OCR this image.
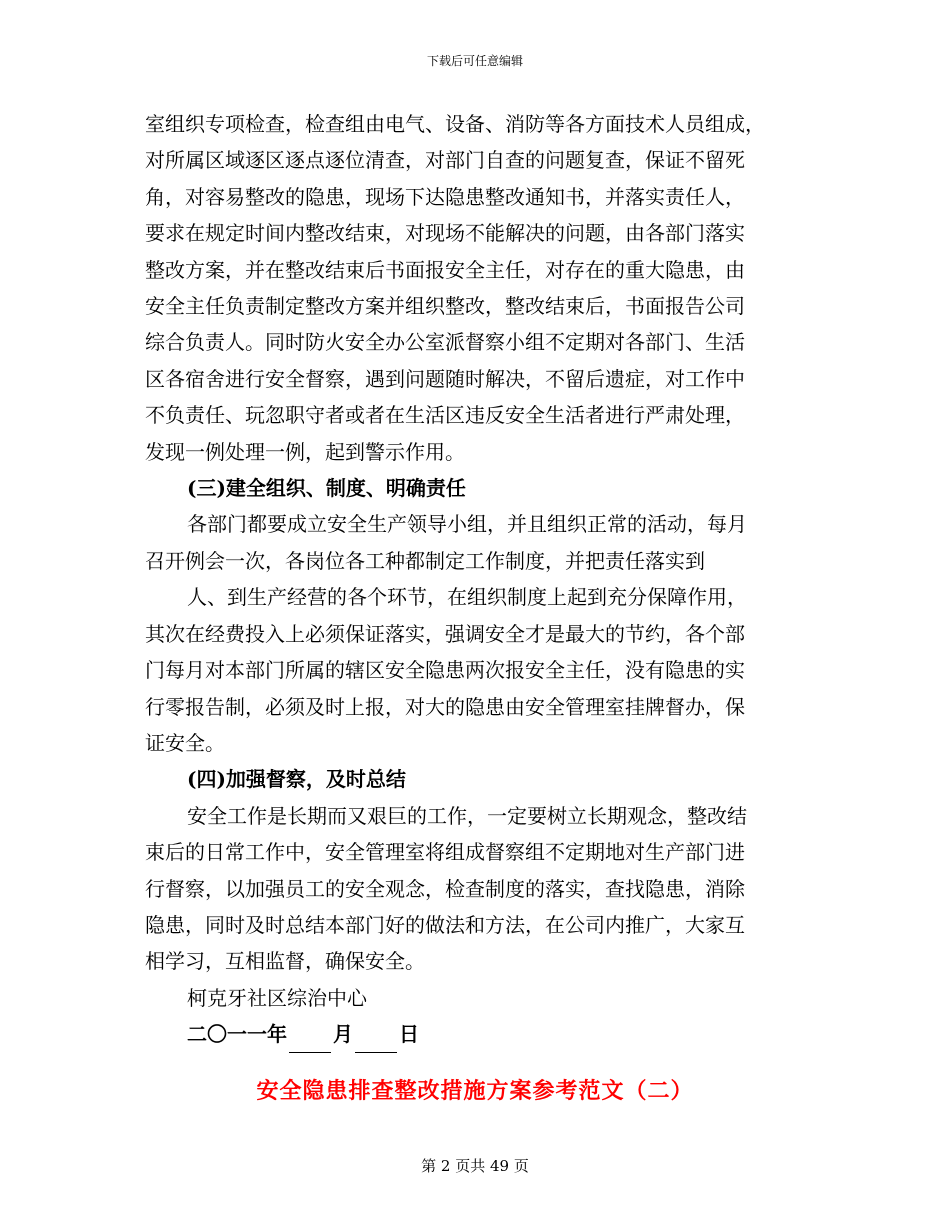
下载后可任意编辑
室组织专项检查，检查组由电气、设备、消防等各方面技术人员组成，
对所属区域逐区逐点逐位清查，对部门自查的问题复查，保证不留死
角，对容易整改的隐患，现场下达隐患整改通知书，并落实责任人，
要求在规定时间内整改结束，对现场不能解决的问题，由各部门落实
整改方案，并在整改结束后书面报安全主任，对存在的重大隐患，由
安全主任负责制定整改方案并组织整改，整改结束后，书面报告公司
综合负责人。同时防火安全办公室派督察小组不定期对各部门、生活
区各宿舍进行安全督察，遇到问题随时解决，不留后遗症，对工作中
不负责任、玩忽职守者或者在生活区违反安全生活者进行严肃处理，
发现一例处理一例，起到警示作用。
(三)建全组织、制度、明确责任
各部门都要成立安全生产领导小组，并且组织正常的活动，每月
召开例会一次，各岗位各工种都制定工作制度，并把责任落实到
人、到生产经营的各个环节，在组织制度上起到充分保障作用，
其次在经费投入上必须保证落实，强调安全才是最大的节约，各个部
门每月对本部门所属的辖区安全隐患两次报安全主任，没有隐患的实
行零报告制，必须及时上报，对大的隐患由安全管理室挂牌督办，保
证安全。
(四)加强督察，及时总结
安全工作是长期而又艰巨的工作，一定要树立长期观念，整改结
束后的日常工作中，安全管理室将组成督察组不定期地对生产部门进
行督察，以加强员工的安全观念，检查制度的落实，查找隐患，消除
隐患，同时及时总结本部门好的做法和方法，在公司内推广，大家互
相学习，互相监督，确保安全。
柯克牙社区综治中心
二〇一一年 月 日
安全隐患排查整改措施方案参考范文（二）
第 2 页共 49 页
